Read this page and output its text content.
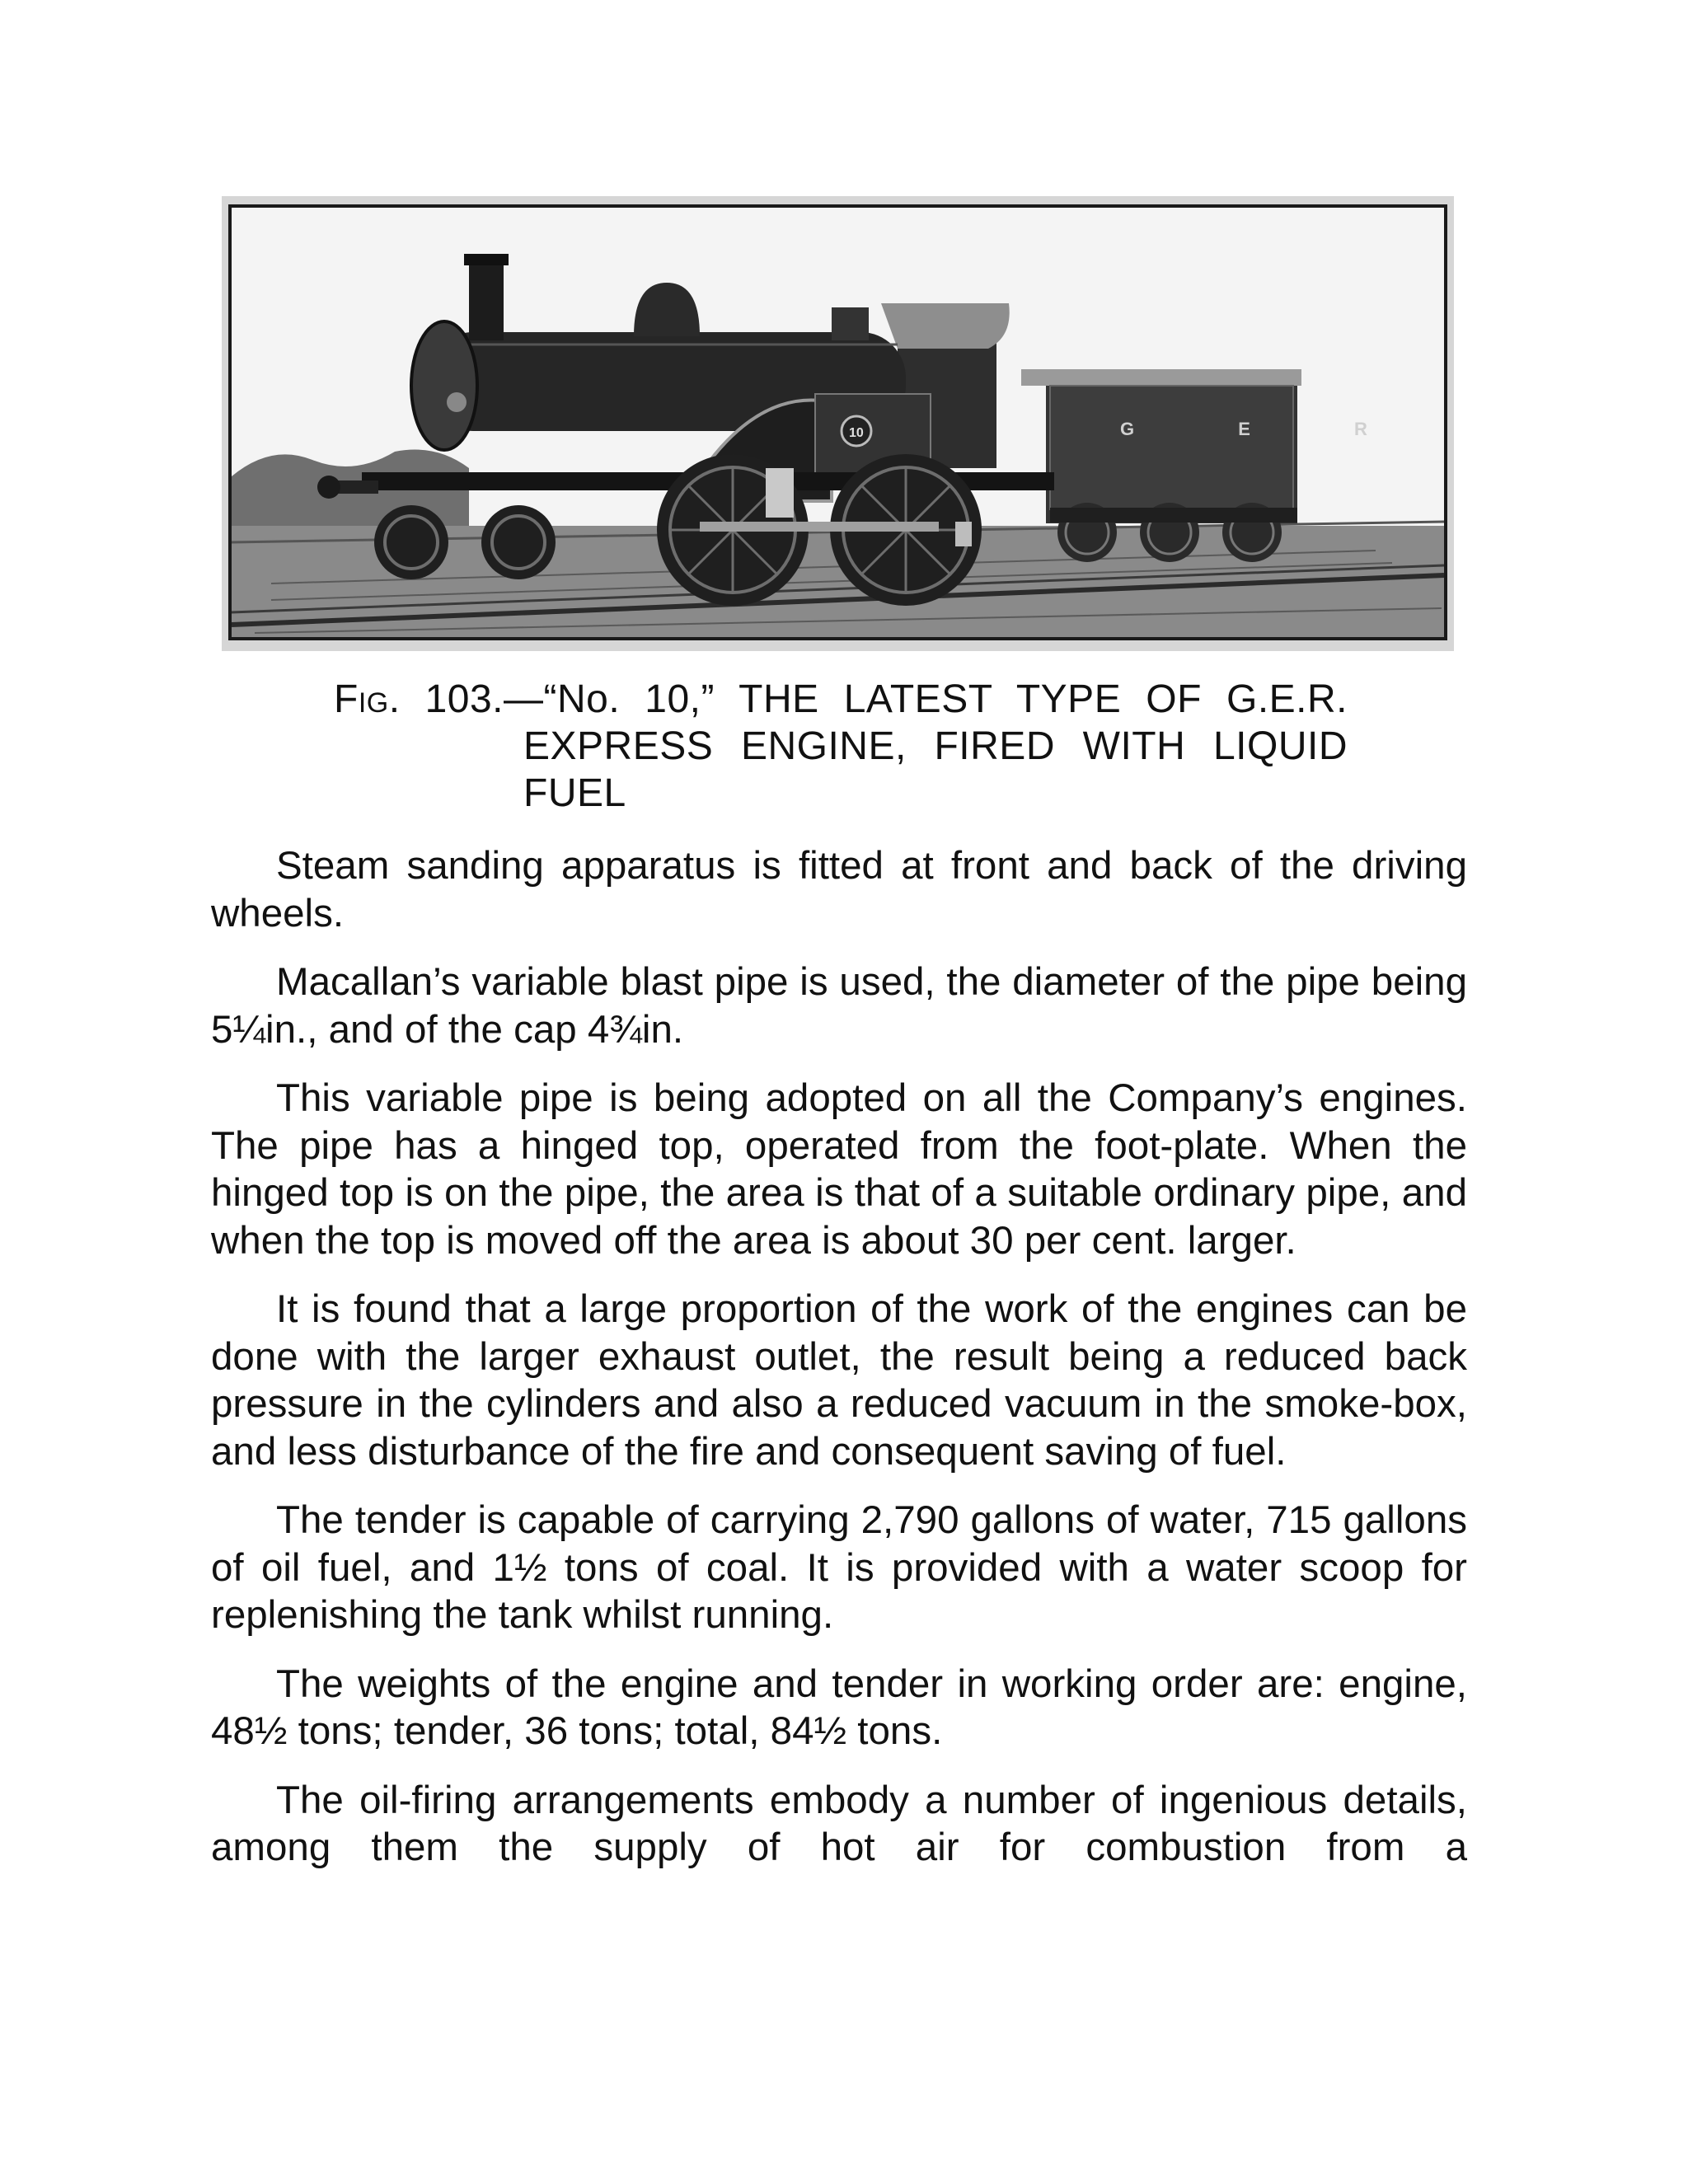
G E R
10
Fig. 103.—“No. 10,” THE LATEST TYPE OF G.E.R.
EXPRESS ENGINE, FIRED WITH LIQUID
FUEL

Steam sanding apparatus is fitted at front and back of the driving wheels.

Macallan’s variable blast pipe is used, the diameter of the pipe being 5¼in., and of the cap 4¾in.

This variable pipe is being adopted on all the Company’s engines. The pipe has a hinged top, operated from the foot-plate. When the hinged top is on the pipe, the area is that of a suitable ordinary pipe, and when the top is moved off the area is about 30 per cent. larger.

It is found that a large proportion of the work of the engines can be done with the larger exhaust outlet, the result being a reduced back pressure in the cylinders and also a reduced vacuum in the smoke-box, and less disturbance of the fire and consequent saving of fuel.

The tender is capable of carrying 2,790 gallons of water, 715 gallons of oil fuel, and 1½ tons of coal. It is provided with a water scoop for replenishing the tank whilst running.

The weights of the engine and tender in working order are: engine, 48½ tons; tender, 36 tons; total, 84½ tons.

The oil-firing arrangements embody a number of ingenious details, among them the supply of hot air for combustion from a
